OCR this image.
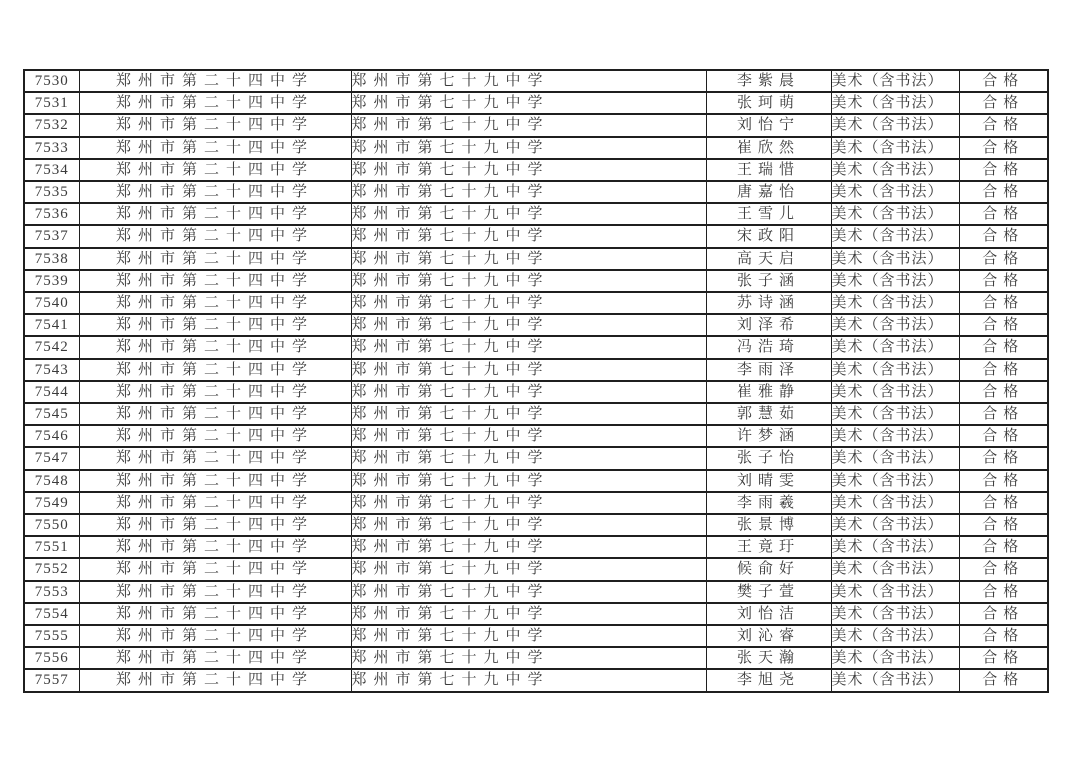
7530	郑州市第二十四中学	郑州市第七十九中学	李紫晨	美术（含书法）	合格
7531	郑州市第二十四中学	郑州市第七十九中学	张珂萌	美术（含书法）	合格
7532	郑州市第二十四中学	郑州市第七十九中学	刘怡宁	美术（含书法）	合格
7533	郑州市第二十四中学	郑州市第七十九中学	崔欣然	美术（含书法）	合格
7534	郑州市第二十四中学	郑州市第七十九中学	王瑞惜	美术（含书法）	合格
7535	郑州市第二十四中学	郑州市第七十九中学	唐嘉怡	美术（含书法）	合格
7536	郑州市第二十四中学	郑州市第七十九中学	王雪儿	美术（含书法）	合格
7537	郑州市第二十四中学	郑州市第七十九中学	宋政阳	美术（含书法）	合格
7538	郑州市第二十四中学	郑州市第七十九中学	高天启	美术（含书法）	合格
7539	郑州市第二十四中学	郑州市第七十九中学	张子涵	美术（含书法）	合格
7540	郑州市第二十四中学	郑州市第七十九中学	苏诗涵	美术（含书法）	合格
7541	郑州市第二十四中学	郑州市第七十九中学	刘泽希	美术（含书法）	合格
7542	郑州市第二十四中学	郑州市第七十九中学	冯浩琦	美术（含书法）	合格
7543	郑州市第二十四中学	郑州市第七十九中学	李雨泽	美术（含书法）	合格
7544	郑州市第二十四中学	郑州市第七十九中学	崔雅静	美术（含书法）	合格
7545	郑州市第二十四中学	郑州市第七十九中学	郭慧茹	美术（含书法）	合格
7546	郑州市第二十四中学	郑州市第七十九中学	许梦涵	美术（含书法）	合格
7547	郑州市第二十四中学	郑州市第七十九中学	张子怡	美术（含书法）	合格
7548	郑州市第二十四中学	郑州市第七十九中学	刘晴雯	美术（含书法）	合格
7549	郑州市第二十四中学	郑州市第七十九中学	李雨羲	美术（含书法）	合格
7550	郑州市第二十四中学	郑州市第七十九中学	张景博	美术（含书法）	合格
7551	郑州市第二十四中学	郑州市第七十九中学	王竟玗	美术（含书法）	合格
7552	郑州市第二十四中学	郑州市第七十九中学	候俞好	美术（含书法）	合格
7553	郑州市第二十四中学	郑州市第七十九中学	樊子萱	美术（含书法）	合格
7554	郑州市第二十四中学	郑州市第七十九中学	刘怡洁	美术（含书法）	合格
7555	郑州市第二十四中学	郑州市第七十九中学	刘沁睿	美术（含书法）	合格
7556	郑州市第二十四中学	郑州市第七十九中学	张天瀚	美术（含书法）	合格
7557	郑州市第二十四中学	郑州市第七十九中学	李旭尧	美术（含书法）	合格
